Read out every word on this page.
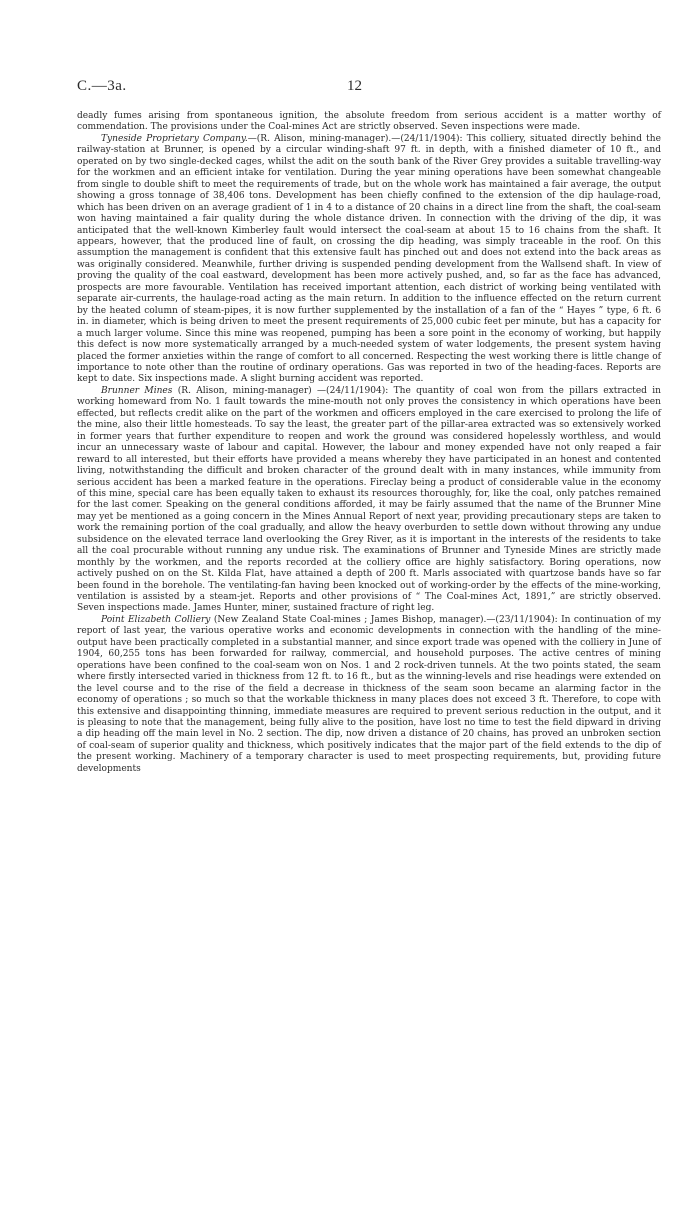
C.—3a.	12

deadly fumes arising from spontaneous ignition, the absolute freedom from serious accident is a matter worthy of commendation. The provisions under the Coal-mines Act are strictly observed. Seven inspections were made.

Tyneside Proprietary Company.—(R. Alison, mining-manager).—(24/11/1904): This colliery, situated directly behind the railway-station at Brunner, is opened by a circular winding-shaft 97 ft. in depth, with a finished diameter of 10 ft., and operated on by two single-decked cages, whilst the adit on the south bank of the River Grey provides a suitable travelling-way for the workmen and an efficient intake for ventilation. During the year mining operations have been somewhat changeable from single to double shift to meet the requirements of trade, but on the whole work has maintained a fair average, the output showing a gross tonnage of 38,406 tons. Development has been chiefly confined to the extension of the dip haulage-road, which has been driven on an average gradient of 1 in 4 to a distance of 20 chains in a direct line from the shaft, the coal-seam won having maintained a fair quality during the whole distance driven. In connection with the driving of the dip, it was anticipated that the well-known Kimberley fault would intersect the coal-seam at about 15 to 16 chains from the shaft. It appears, however, that the produced line of fault, on crossing the dip heading, was simply traceable in the roof. On this assumption the management is confident that this extensive fault has pinched out and does not extend into the back areas as was originally considered. Meanwhile, further driving is suspended pending development from the Wallsend shaft. In view of proving the quality of the coal eastward, development has been more actively pushed, and, so far as the face has advanced, prospects are more favourable. Ventilation has received important attention, each district of working being ventilated with separate air-currents, the haulage-road acting as the main return. In addition to the influence effected on the return current by the heated column of steam-pipes, it is now further supplemented by the installation of a fan of the “ Hayes ” type, 6 ft. 6 in. in diameter, which is being driven to meet the present requirements of 25,000 cubic feet per minute, but has a capacity for a much larger volume. Since this mine was reopened, pumping has been a sore point in the economy of working, but happily this defect is now more systematically arranged by a much-needed system of water lodgements, the present system having placed the former anxieties within the range of comfort to all concerned. Respecting the west working there is little change of importance to note other than the routine of ordinary operations. Gas was reported in two of the heading-faces. Reports are kept to date. Six inspections made. A slight burning accident was reported.

Brunner Mines (R. Alison, mining-manager) —(24/11/1904): The quantity of coal won from the pillars extracted in working homeward from No. 1 fault towards the mine-mouth not only proves the consistency in which operations have been effected, but reflects credit alike on the part of the workmen and officers employed in the care exercised to prolong the life of the mine, also their little homesteads. To say the least, the greater part of the pillar-area extracted was so extensively worked in former years that further expenditure to reopen and work the ground was considered hopelessly worthless, and would incur an unnecessary waste of labour and capital. However, the labour and money expended have not only reaped a fair reward to all interested, but their efforts have provided a means whereby they have participated in an honest and contented living, notwithstanding the difficult and broken character of the ground dealt with in many instances, while immunity from serious accident has been a marked feature in the operations. Fireclay being a product of considerable value in the economy of this mine, special care has been equally taken to exhaust its resources thoroughly, for, like the coal, only patches remained for the last comer. Speaking on the general conditions afforded, it may be fairly assumed that the name of the Brunner Mine may yet be mentioned as a going concern in the Mines Annual Report of next year, providing precautionary steps are taken to work the remaining portion of the coal gradually, and allow the heavy overburden to settle down without throwing any undue subsidence on the elevated terrace land overlooking the Grey River, as it is important in the interests of the residents to take all the coal procurable without running any undue risk. The examinations of Brunner and Tyneside Mines are strictly made monthly by the workmen, and the reports recorded at the colliery office are highly satisfactory. Boring operations, now actively pushed on on the St. Kilda Flat, have attained a depth of 200 ft. Marls associated with quartzose bands have so far been found in the borehole. The ventilating-fan having been knocked out of working-order by the effects of the mine-working, ventilation is assisted by a steam-jet. Reports and other provisions of “ The Coal-mines Act, 1891,” are strictly observed. Seven inspections made. James Hunter, miner, sustained fracture of right leg.

Point Elizabeth Colliery (New Zealand State Coal-mines ; James Bishop, manager).—(23/11/1904): In continuation of my report of last year, the various operative works and economic developments in connection with the handling of the mine-output have been practically completed in a substantial manner, and since export trade was opened with the colliery in June of 1904, 60,255 tons has been forwarded for railway, commercial, and household purposes. The active centres of mining operations have been confined to the coal-seam won on Nos. 1 and 2 rock-driven tunnels. At the two points stated, the seam where firstly intersected varied in thickness from 12 ft. to 16 ft., but as the winning-levels and rise headings were extended on the level course and to the rise of the field a decrease in thickness of the seam soon became an alarming factor in the economy of operations ; so much so that the workable thickness in many places does not exceed 3 ft. Therefore, to cope with this extensive and disappointing thinning, immediate measures are required to prevent serious reduction in the output, and it is pleasing to note that the management, being fully alive to the position, have lost no time to test the field dipward in driving a dip heading off the main level in No. 2 section. The dip, now driven a distance of 20 chains, has proved an unbroken section of coal-seam of superior quality and thickness, which positively indicates that the major part of the field extends to the dip of the present working. Machinery of a temporary character is used to meet prospecting requirements, but, providing future developments
